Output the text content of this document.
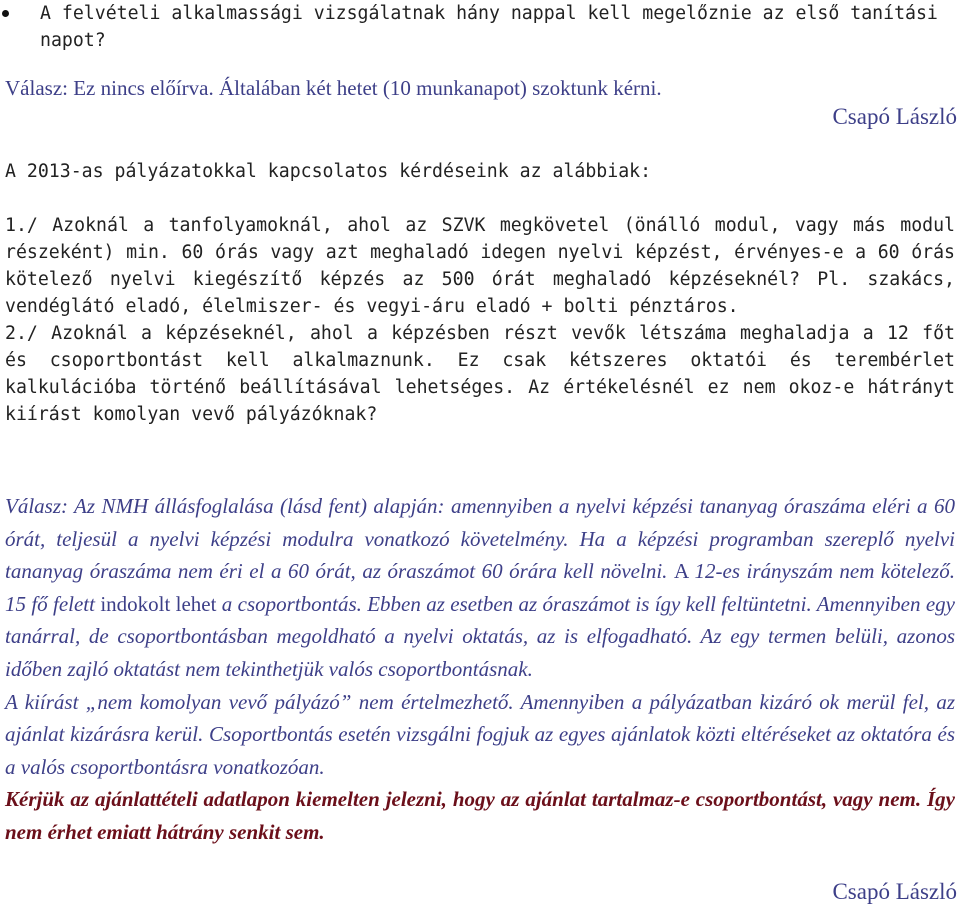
A felvételi alkalmassági vizsgálatnak hány nappal kell megelőznie az első tanítási napot?

Válasz: Ez nincs előírva. Általában két hetet (10 munkanapot) szoktunk kérni.

Csapó László

A 2013-as pályázatokkal kapcsolatos kérdéseink az alábbiak:

1./ Azoknál a tanfolyamoknál, ahol az SZVK megkövetel (önálló modul, vagy más modul részeként) min. 60 órás vagy azt meghaladó idegen nyelvi képzést, érvényes-e a 60 órás kötelező nyelvi kiegészítő képzés az 500 órát meghaladó képzéseknél? Pl. szakács, vendéglátó eladó, élelmiszer- és vegyi-áru eladó + bolti pénztáros.

2./ Azoknál a képzéseknél, ahol a képzésben részt vevők létszáma meghaladja a 12 főt és csoportbontást kell alkalmaznunk. Ez csak kétszeres oktatói és terembérlet kalkulációba történő beállításával lehetséges. Az értékelésnél ez nem okoz-e hátrányt kiírást komolyan vevő pályázóknak?

Válasz: Az NMH állásfoglalása (lásd fent) alapján: amennyiben a nyelvi képzési tananyag óraszáma eléri a 60 órát, teljesül a nyelvi képzési modulra vonatkozó követelmény. Ha a képzési programban szereplő nyelvi tananyag óraszáma nem éri el a 60 órát, az óraszámot 60 órára kell növelni. A 12-es irányszám nem kötelező. 15 fő felett indokolt lehet a csoportbontás. Ebben az esetben az óraszámot is így kell feltüntetni. Amennyiben egy tanárral, de csoportbontásban megoldható a nyelvi oktatás, az is elfogadható. Az egy termen belüli, azonos időben zajló oktatást nem tekinthetjük valós csoportbontásnak.

A kiírást „nem komolyan vevő pályázó” nem értelmezhető. Amennyiben a pályázatban kizáró ok merül fel, az ajánlat kizárásra kerül. Csoportbontás esetén vizsgálni fogjuk az egyes ajánlatok közti eltéréseket az oktatóra és a valós csoportbontásra vonatkozóan.

Kérjük az ajánlattételi adatlapon kiemelten jelezni, hogy az ajánlat tartalmaz-e csoportbontást, vagy nem. Így nem érhet emiatt hátrány senkit sem.

Csapó László
